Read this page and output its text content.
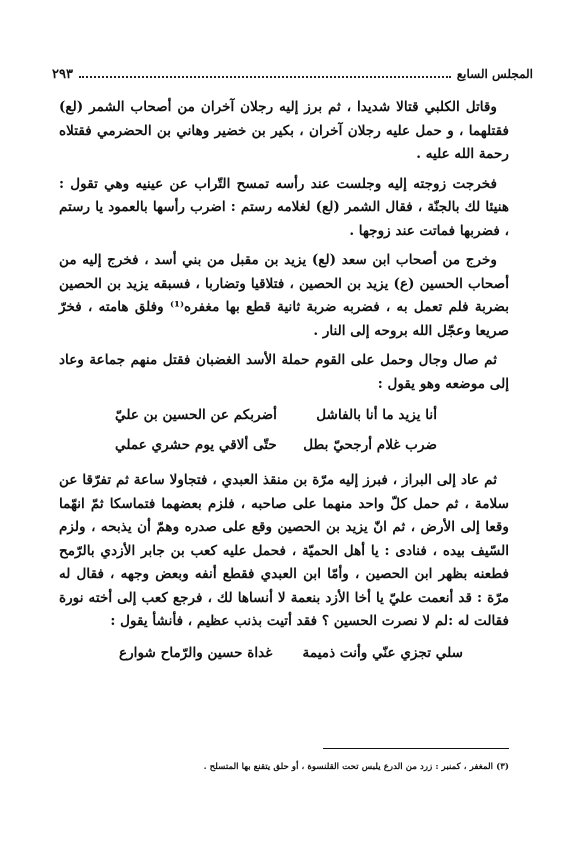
المجلس السابع
٢٩٣

وقاتل الكلبي قتالا شديدا ، ثم برز إليه رجلان آخران من أصحاب الشمر (لع) فقتلهما ، و حمل عليه رجلان آخران ، بكير بن خضير وهاني بن الحضرمي فقتلاه رحمة الله عليه .

فخرجت زوجته إليه وجلست عند رأسه تمسح التّراب عن عينيه وهي تقول : هنيئا لك بالجنّة ، فقال الشمر (لع) لغلامه رستم : اضرب رأسها بالعمود يا رستم ، فضربها فماتت عند زوجها .

وخرج من أصحاب ابن سعد (لع) يزيد بن مقبل من بني أسد ، فخرج إليه من أصحاب الحسين (ع) يزيد بن الحصين ، فتلاقيا وتضاربا ، فسبقه يزيد بن الحصين بضربة فلم تعمل به ، فضربه ضربة ثانية قطع بها مغفره⁽¹⁾ وفلق هامته ، فخرّ صريعا وعجّل الله بروحه إلى النار .

ثم صال وجال وحمل على القوم حملة الأسد الغضبان فقتل منهم جماعة وعاد إلى موضعه وهو يقول :

أنا يزيد ما أنا بالفاشل
أضربكم عن الحسين بن عليّ
ضرب غلام أرجحيّ بطل
حتّى ألاقي يوم حشري عملي

ثم عاد إلى البراز ، فبرز إليه مرّة بن منقذ العبدي ، فتجاولا ساعة ثم تفرّقا عن سلامة ، ثم حمل كلّ واحد منهما على صاحبه ، فلزم بعضهما فتماسكا ثمّ انهّما وقعا إلى الأرض ، ثم انّ يزيد بن الحصين وقع على صدره وهمّ أن يذبحه ، ولزم السّيف بيده ، فنادى : يا أهل الحميّة ، فحمل عليه كعب بن جابر الأزدي بالرّمح فطعنه بظهر ابن الحصين ، وأمّا ابن العبدي فقطع أنفه وبعض وجهه ، فقال له مرّة : قد أنعمت عليّ يا أخا الأزد بنعمة لا أنساها لك ، فرجع كعب إلى أخته نورة فقالت له :لم لا نصرت الحسين ؟ فقد أتيت بذنب عظيم ، فأنشأ يقول :

سلي تجزي عنّي وأنت ذميمة
غداة حسين والرّماح شوارع
(٣) المغفر ، كمنبر : زرد من الدرع يلبس تحت القلنسوة ، أو حلق يتقنع بها المتسلح .
